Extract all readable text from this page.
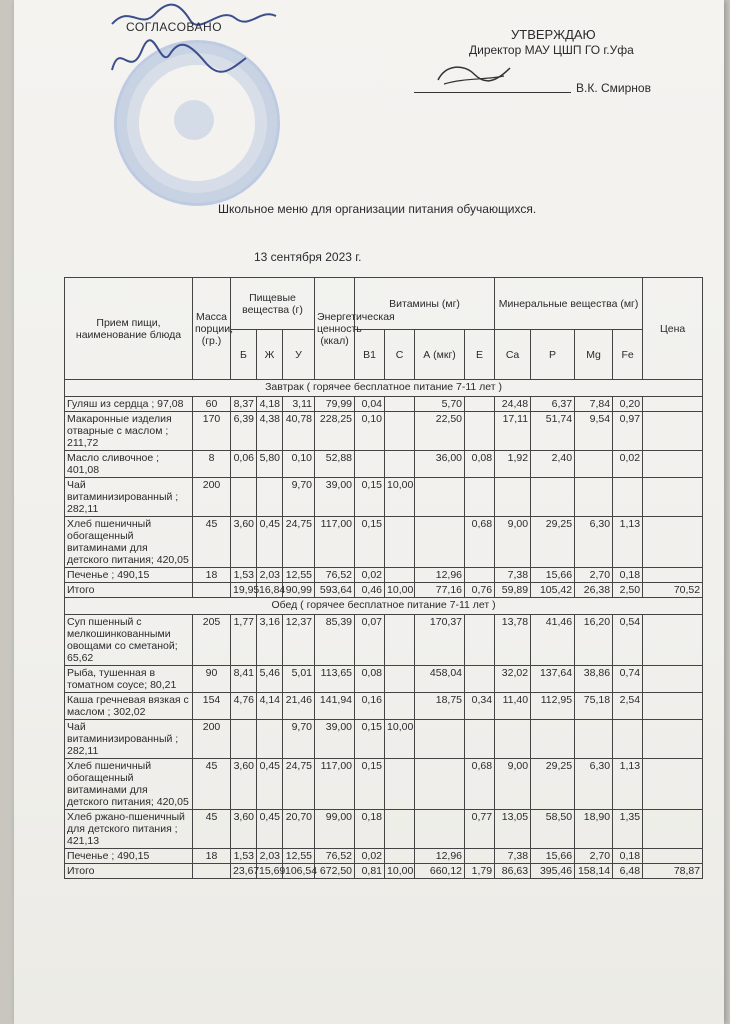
СОГЛАСОВАНО	УТВЕРЖДАЮ
Директор МАУ ЦШП ГО г.Уфа
В.К. Смирнов
Школьное меню для организации питания обучающихся.
13 сентября 2023 г.
Прием пищи, наименование блюда	Масса порции, (гр.)	Пищевые вещества (г)			Энергетическая ценность (ккал)	Витамины (мг)				Минеральные вещества (мг)				Цена
		Б	Ж	У		В1	С	А (мкг)	Е	Ca	P	Mg	Fe	
Завтрак ( горячее бесплатное питание 7-11 лет )														
Гуляш из сердца ; 97,08	60	8,37	4,18	3,11	79,99	0,04		5,70		24,48	6,37	7,84	0,20	
Макаронные изделия отварные с маслом ; 211,72	170	6,39	4,38	40,78	228,25	0,10		22,50		17,11	51,74	9,54	0,97	
Масло сливочное ; 401,08	8	0,06	5,80	0,10	52,88			36,00	0,08	1,92	2,40		0,02	
Чай витаминизированный ; 282,11	200			9,70	39,00	0,15	10,00							
Хлеб пшеничный обогащенный витаминами для детского питания; 420,05	45	3,60	0,45	24,75	117,00	0,15			0,68	9,00	29,25	6,30	1,13	
Печенье ; 490,15	18	1,53	2,03	12,55	76,52	0,02		12,96		7,38	15,66	2,70	0,18	
Итого		19,95	16,84	90,99	593,64	0,46	10,00	77,16	0,76	59,89	105,42	26,38	2,50	70,52
Обед ( горячее бесплатное питание 7-11 лет )														
Суп пшенный с мелкошинкованными овощами со сметаной; 65,62	205	1,77	3,16	12,37	85,39	0,07		170,37		13,78	41,46	16,20	0,54	
Рыба, тушенная в томатном соусе; 80,21	90	8,41	5,46	5,01	113,65	0,08		458,04		32,02	137,64	38,86	0,74	
Каша гречневая вязкая с маслом ; 302,02	154	4,76	4,14	21,46	141,94	0,16		18,75	0,34	11,40	112,95	75,18	2,54	
Чай витаминизированный ; 282,11	200			9,70	39,00	0,15	10,00							
Хлеб пшеничный обогащенный витаминами для детского питания; 420,05	45	3,60	0,45	24,75	117,00	0,15			0,68	9,00	29,25	6,30	1,13	
Хлеб ржано-пшеничный для детского питания ; 421,13	45	3,60	0,45	20,70	99,00	0,18			0,77	13,05	58,50	18,90	1,35	
Печенье ; 490,15	18	1,53	2,03	12,55	76,52	0,02		12,96		7,38	15,66	2,70	0,18	
Итого		23,67	15,69	106,54	672,50	0,81	10,00	660,12	1,79	86,63	395,46	158,14	6,48	78,87
